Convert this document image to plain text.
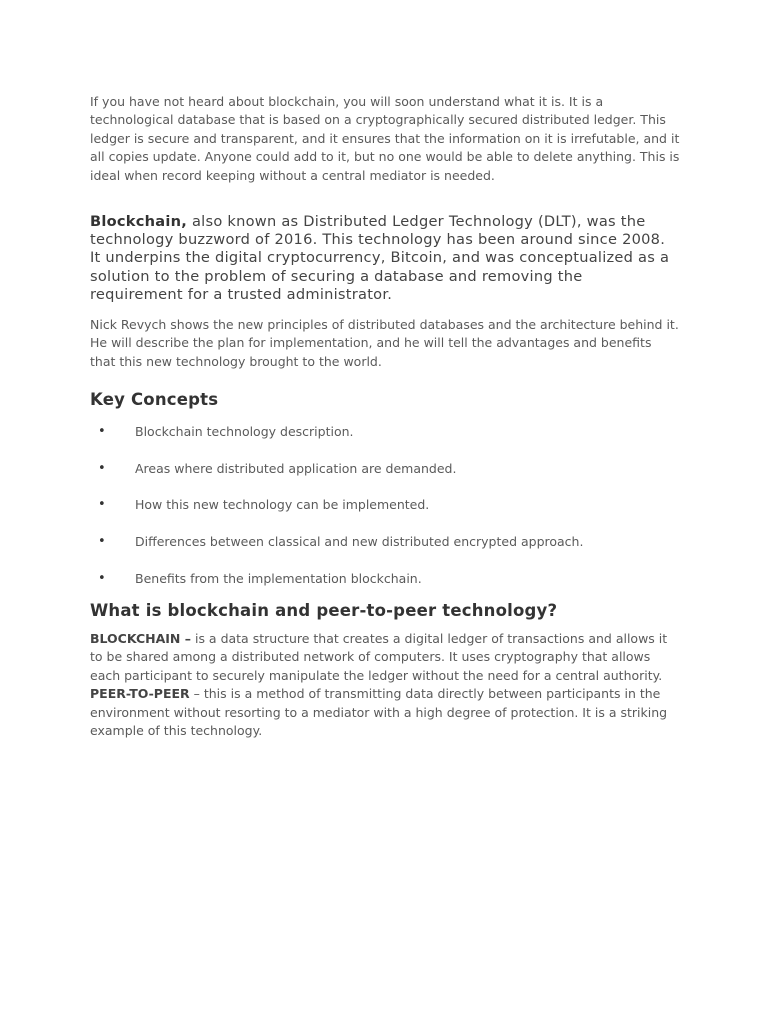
If you have not heard about blockchain, you will soon understand what it is. It is a technological database that is based on a cryptographically secured distributed ledger. This ledger is secure and transparent, and it ensures that the information on it is irrefutable, and it all copies update. Anyone could add to it, but no one would be able to delete anything. This is ideal when record keeping without a central mediator is needed.

Blockchain, also known as Distributed Ledger Technology (DLT), was the technology buzzword of 2016. This technology has been around since 2008. It underpins the digital cryptocurrency, Bitcoin, and was conceptualized as a solution to the problem of securing a database and removing the requirement for a trusted administrator.

Nick Revych shows the new principles of distributed databases and the architecture behind it. He will describe the plan for implementation, and he will tell the advantages and benefits that this new technology brought to the world.

Key Concepts
• Blockchain technology description.
• Areas where distributed application are demanded.
• How this new technology can be implemented.
• Differences between classical and new distributed encrypted approach.
• Benefits from the implementation blockchain.
What is blockchain and peer-to-peer technology?

BLOCKCHAIN – is a data structure that creates a digital ledger of transactions and allows it to be shared among a distributed network of computers. It uses cryptography that allows each participant to securely manipulate the ledger without the need for a central authority.
PEER-TO-PEER – this is a method of transmitting data directly between participants in the environment without resorting to a mediator with a high degree of protection. It is a striking example of this technology.
